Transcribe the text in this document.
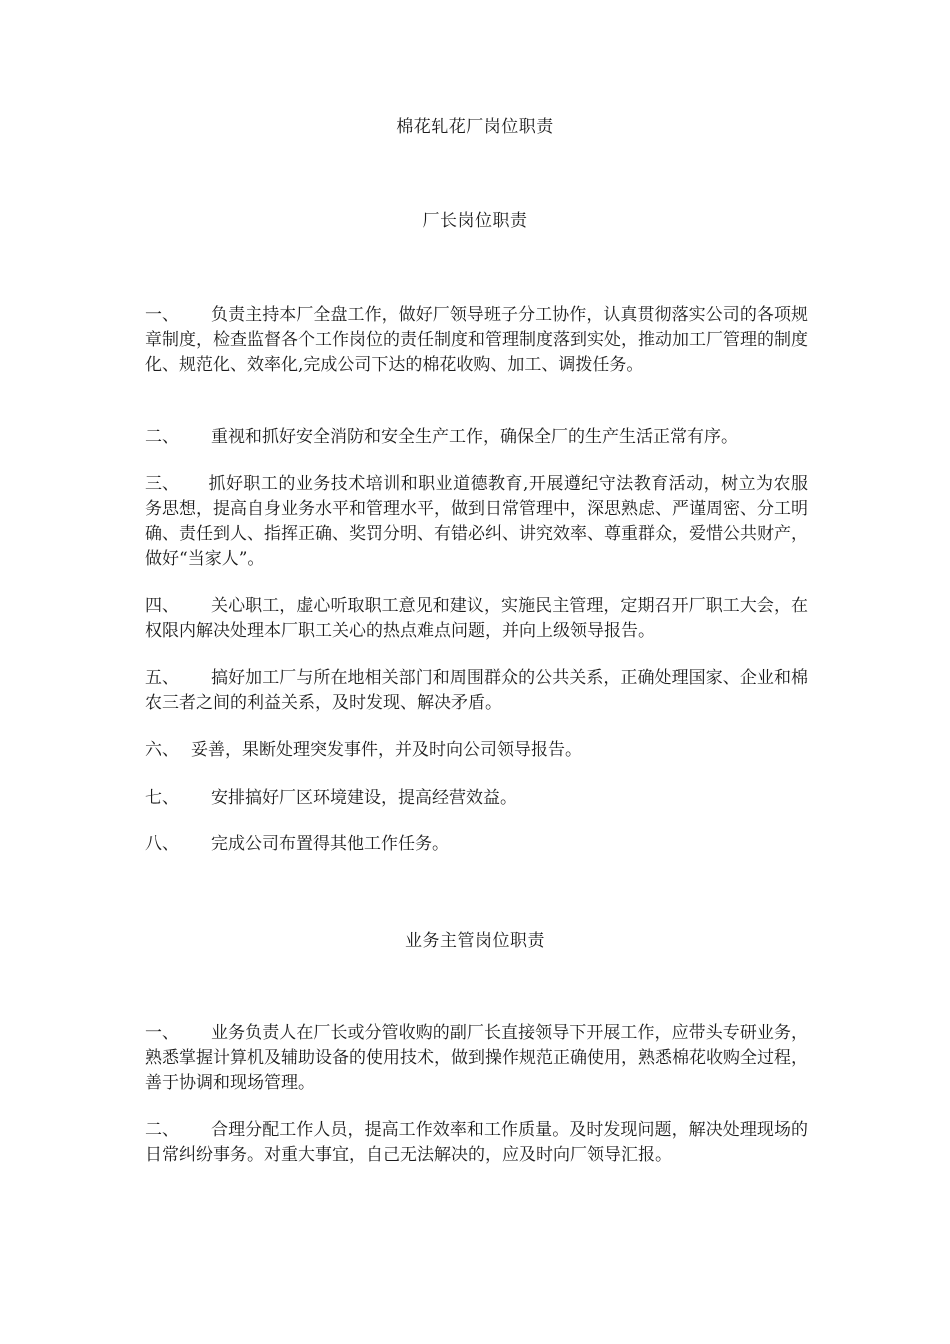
棉花轧花厂岗位职责
厂长岗位职责
一、 负责主持本厂全盘工作，做好厂领导班子分工协作，认真贯彻落实公司的各项规章制度，检查监督各个工作岗位的责任制度和管理制度落到实处，推动加工厂管理的制度化、规范化、效率化,完成公司下达的棉花收购、加工、调拨任务。
二、 重视和抓好安全消防和安全生产工作，确保全厂的生产生活正常有序。
三、 抓好职工的业务技术培训和职业道德教育,开展遵纪守法教育活动，树立为农服务思想，提高自身业务水平和管理水平，做到日常管理中，深思熟虑、严谨周密、分工明确、责任到人、指挥正确、奖罚分明、有错必纠、讲究效率、尊重群众，爱惜公共财产，做好“当家人”。
四、 关心职工，虚心听取职工意见和建议，实施民主管理，定期召开厂职工大会，在权限内解决处理本厂职工关心的热点难点问题，并向上级领导报告。
五、 搞好加工厂与所在地相关部门和周围群众的公共关系，正确处理国家、企业和棉农三者之间的利益关系，及时发现、解决矛盾。
六、 妥善，果断处理突发事件，并及时向公司领导报告。
七、 安排搞好厂区环境建设，提高经营效益。
八、 完成公司布置得其他工作任务。
业务主管岗位职责
一、 业务负责人在厂长或分管收购的副厂长直接领导下开展工作，应带头专研业务，熟悉掌握计算机及辅助设备的使用技术，做到操作规范正确使用，熟悉棉花收购全过程，善于协调和现场管理。
二、 合理分配工作人员，提高工作效率和工作质量。及时发现问题，解决处理现场的日常纠纷事务。对重大事宜，自己无法解决的，应及时向厂领导汇报。
